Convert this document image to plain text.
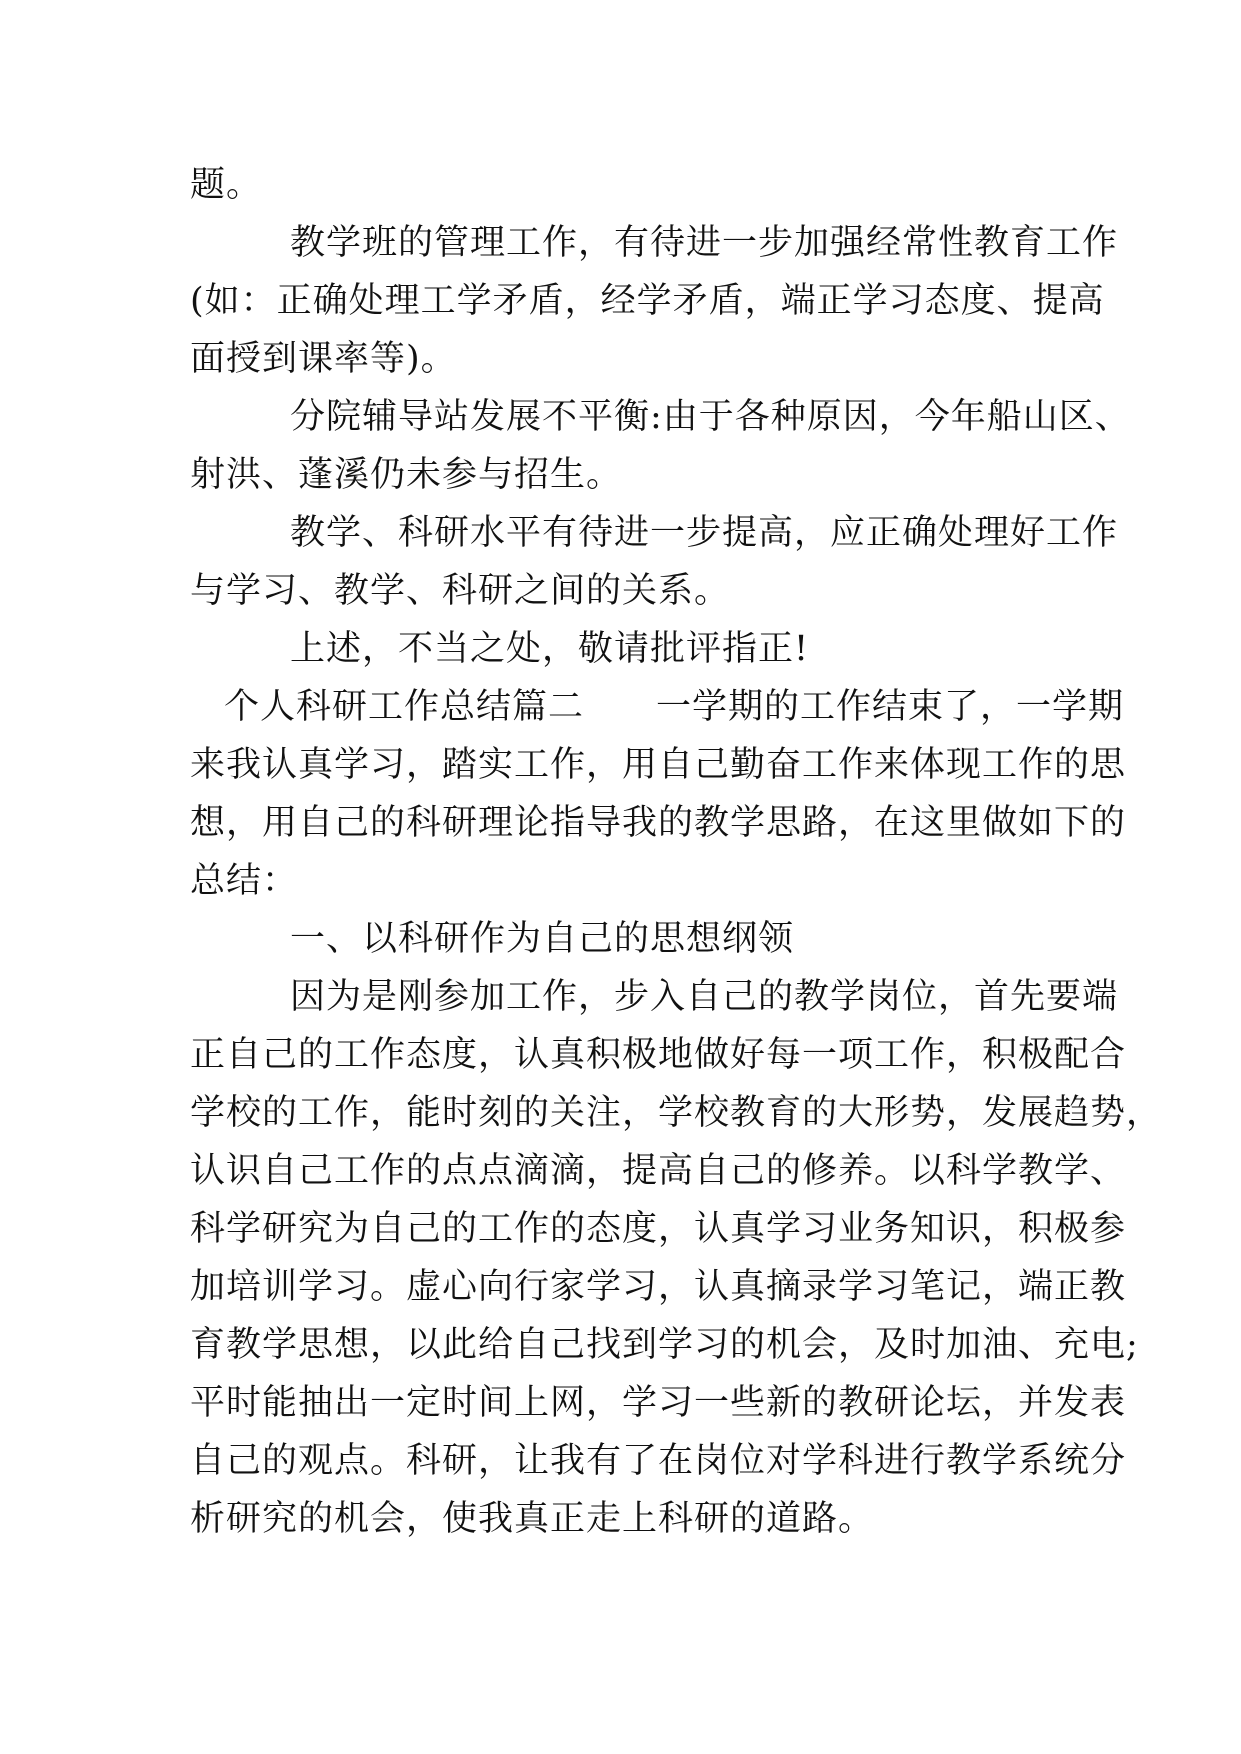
题。
教学班的管理工作，有待进一步加强经常性教育工作
(如：正确处理工学矛盾，经学矛盾，端正学习态度、提高
面授到课率等)。
分院辅导站发展不平衡:由于各种原因，今年船山区、
射洪、蓬溪仍未参与招生。
教学、科研水平有待进一步提高，应正确处理好工作
与学习、教学、科研之间的关系。
上述，不当之处，敬请批评指正!
个人科研工作总结篇二　　一学期的工作结束了，一学期
来我认真学习，踏实工作，用自己勤奋工作来体现工作的思
想，用自己的科研理论指导我的教学思路，在这里做如下的
总结：
一、以科研作为自己的思想纲领
因为是刚参加工作，步入自己的教学岗位，首先要端
正自己的工作态度，认真积极地做好每一项工作，积极配合
学校的工作，能时刻的关注，学校教育的大形势，发展趋势，
认识自己工作的点点滴滴，提高自己的修养。以科学教学、
科学研究为自己的工作的态度，认真学习业务知识，积极参
加培训学习。虚心向行家学习，认真摘录学习笔记，端正教
育教学思想，以此给自己找到学习的机会，及时加油、充电;
平时能抽出一定时间上网，学习一些新的教研论坛，并发表
自己的观点。科研，让我有了在岗位对学科进行教学系统分
析研究的机会，使我真正走上科研的道路。
